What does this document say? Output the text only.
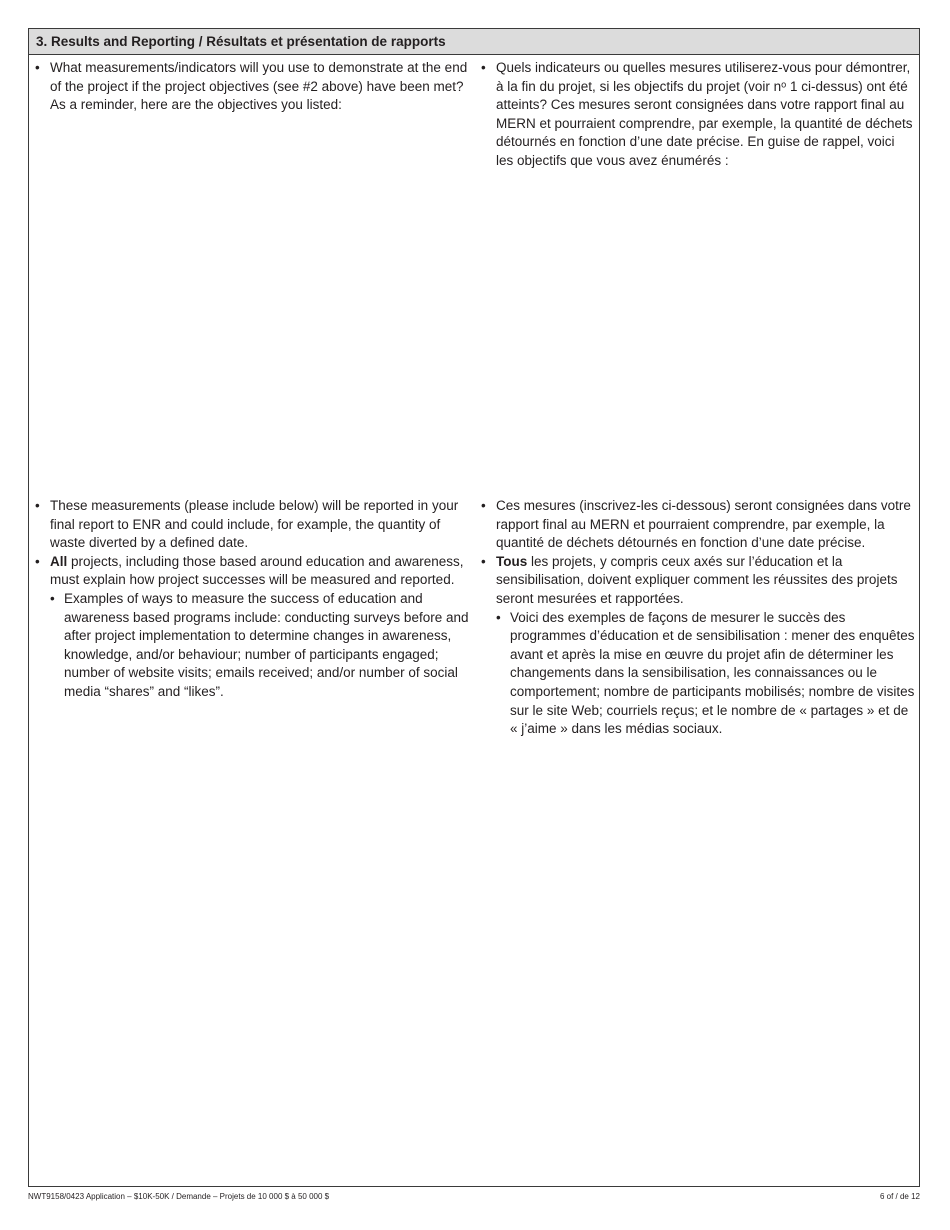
3. Results and Reporting / Résultats et présentation de rapports
• What measurements/indicators will you use to demonstrate at the end of the project if the project objectives (see #2 above) have been met? As a reminder, here are the objectives you listed:
• Quels indicateurs ou quelles mesures utiliserez-vous pour démontrer, à la fin du projet, si les objectifs du projet (voir nᵒ 1 ci-dessus) ont été atteints? Ces mesures seront consignées dans votre rapport final au MERN et pourraient comprendre, par exemple, la quantité de déchets détournés en fonction d’une date précise. En guise de rappel, voici les objectifs que vous avez énumérés :
• These measurements (please include below) will be reported in your final report to ENR and could include, for example, the quantity of waste diverted by a defined date.
• All projects, including those based around education and awareness, must explain how project successes will be measured and reported.
• Examples of ways to measure the success of education and awareness based programs include: conducting surveys before and after project implementation to determine changes in awareness, knowledge, and/or behaviour; number of participants engaged; number of website visits; emails received; and/or number of social media “shares” and “likes”.
• Ces mesures (inscrivez-les ci-dessous) seront consignées dans votre rapport final au MERN et pourraient comprendre, par exemple, la quantité de déchets détournés en fonction d’une date précise.
• Tous les projets, y compris ceux axés sur l’éducation et la sensibilisation, doivent expliquer comment les réussites des projets seront mesurées et rapportées.
• Voici des exemples de façons de mesurer le succès des programmes d’éducation et de sensibilisation : mener des enquêtes avant et après la mise en œuvre du projet afin de déterminer les changements dans la sensibilisation, les connaissances ou le comportement; nombre de participants mobilisés; nombre de visites sur le site Web; courriels reçus; et le nombre de « partages » et de « j’aime » dans les médias sociaux.
NWT9158/0423 Application – $10K-50K / Demande – Projets de 10 000 $ à 50 000 $	6 of / de 12
